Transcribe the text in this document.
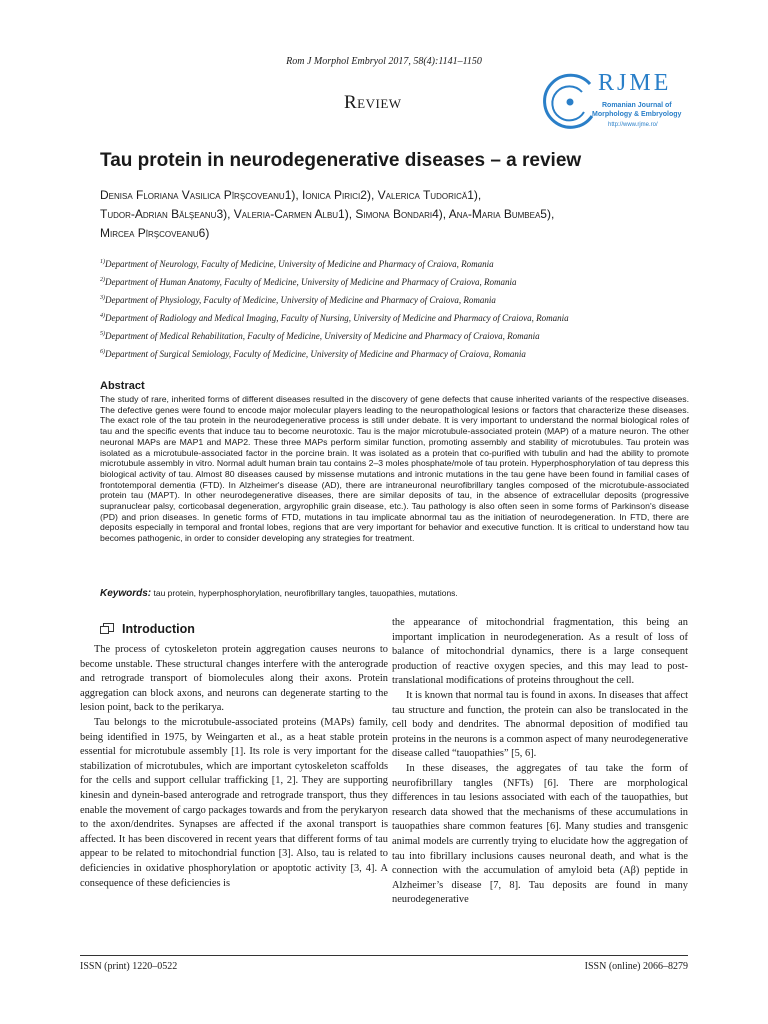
Rom J Morphol Embryol 2017, 58(4):1141–1150
Review
RJME
Romanian Journal of
Morphology & Embryology
http://www.rjme.ro/
Tau protein in neurodegenerative diseases – a review
Denisa Floriana Vasilica Pîrşcoveanu1), Ionica Pirici2), Valerica Tudorică1),
Tudor-Adrian Bălşeanu3), Valeria-Carmen Albu1), Simona Bondari4), Ana-Maria Bumbea5),
Mircea Pîrşcoveanu6)
$^{1)}$Department of Neurology, Faculty of Medicine, University of Medicine and Pharmacy of Craiova, Romania
$^{2)}$Department of Human Anatomy, Faculty of Medicine, University of Medicine and Pharmacy of Craiova, Romania
$^{3)}$Department of Physiology, Faculty of Medicine, University of Medicine and Pharmacy of Craiova, Romania
$^{4)}$Department of Radiology and Medical Imaging, Faculty of Nursing, University of Medicine and Pharmacy of Craiova, Romania
$^{5)}$Department of Medical Rehabilitation, Faculty of Medicine, University of Medicine and Pharmacy of Craiova, Romania
$^{6)}$Department of Surgical Semiology, Faculty of Medicine, University of Medicine and Pharmacy of Craiova, Romania
Abstract
The study of rare, inherited forms of different diseases resulted in the discovery of gene defects that cause inherited variants of the respective diseases. The defective genes were found to encode major molecular players leading to the neuropathological lesions or factors that characterize these diseases. The exact role of the tau protein in the neurodegenerative process is still under debate. It is very important to understand the normal biological roles of tau and the specific events that induce tau to become neurotoxic. Tau is the major microtubule-associated protein (MAP) of a mature neuron. The other neuronal MAPs are MAP1 and MAP2. These three MAPs perform similar function, promoting assembly and stability of microtubules. Tau protein was isolated as a microtubule-associated factor in the porcine brain. It was isolated as a protein that co-purified with tubulin and had the ability to promote microtubule assembly in vitro. Normal adult human brain tau contains 2–3 moles phosphate/mole of tau protein. Hyperphosphorylation of tau depress this biological activity of tau. Almost 80 diseases caused by missense mutations and intronic mutations in the tau gene have been found in familial cases of frontotemporal dementia (FTD). In Alzheimer's disease (AD), there are intraneuronal neurofibrillary tangles composed of the microtubule-associated protein tau (MAPT). In other neurodegenerative diseases, there are similar deposits of tau, in the absence of extracellular deposits (progressive supranuclear palsy, corticobasal degeneration, argyrophilic grain disease, etc.). Tau pathology is also often seen in some forms of Parkinson's disease (PD) and prion diseases. In genetic forms of FTD, mutations in tau implicate abnormal tau as the initiation of neurodegeneration. In FTD, there are deposits especially in temporal and frontal lobes, regions that are very important for behavior and executive function. It is critical to understand how tau becomes pathogenic, in order to consider developing any strategies for treatment.
Keywords: tau protein, hyperphosphorylation, neurofibrillary tangles, tauopathies, mutations.
Introduction

The process of cytoskeleton protein aggregation causes neurons to become unstable. These structural changes interfere with the anterograde and retrograde transport of biomolecules along their axons. Protein aggregation can block axons, and neurons can degenerate starting to the lesion point, back to the perikarya.

Tau belongs to the microtubule-associated proteins (MAPs) family, being identified in 1975, by Weingarten et al., as a heat stable protein essential for microtubule assembly [1]. Its role is very important for the stabilization of microtubules, which are important cytoskeleton scaffolds for the cells and support cellular trafficking [1, 2]. They are supporting kinesin and dynein-based anterograde and retrograde transport, thus they enable the movement of cargo packages towards and from the perykaryon to the axon/dendrites. Synapses are affected if the axonal transport is affected. It has been discovered in recent years that different forms of tau appear to be related to mitochondrial function [3]. Also, tau is related to deficiencies in oxidative phosphorylation or apoptotic activity [3, 4]. A consequence of these deficiencies is

the appearance of mitochondrial fragmentation, this being an important implication in neurodegeneration. As a result of loss of balance of mitochondrial dynamics, there is a large consequent production of reactive oxygen species, and this may lead to post-translational modifications of proteins throughout the cell.

It is known that normal tau is found in axons. In diseases that affect tau structure and function, the protein can also be translocated in the cell body and dendrites. The abnormal deposition of modified tau proteins in the neurons is a common aspect of many neurodegenerative disease called “tauopathies” [5, 6].

In these diseases, the aggregates of tau take the form of neurofibrillary tangles (NFTs) [6]. There are morphological differences in tau lesions associated with each of the tauopathies, but research data showed that the mechanisms of these accumulations in tauopathies share common features [6]. Many studies and transgenic animal models are currently trying to elucidate how the aggregation of tau into fibrillary inclusions causes neuronal death, and what is the connection with the accumulation of amyloid beta (Aβ) peptide in Alzheimer’s disease [7, 8]. Tau deposits are found in many neurodegenerative

ISSN (print) 1220–0522	ISSN (online) 2066–8279
